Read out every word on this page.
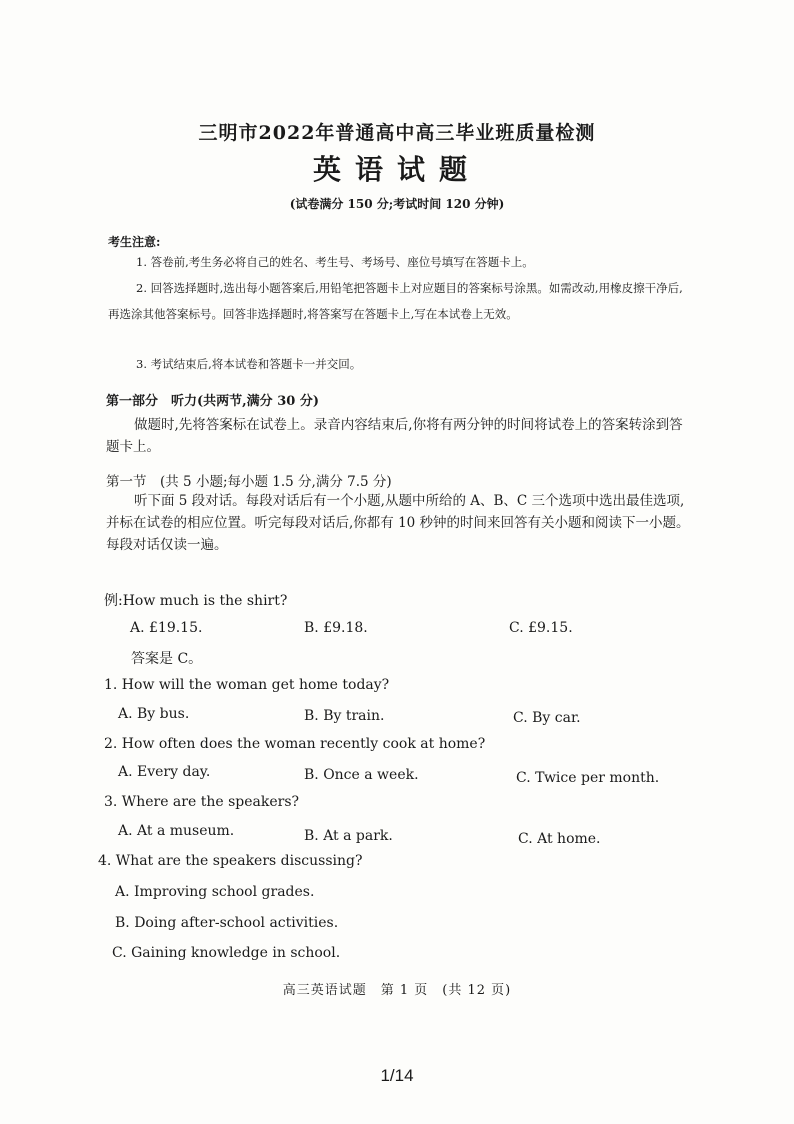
三明市2022年普通高中高三毕业班质量检测
英语试题
(试卷满分 150 分;考试时间 120 分钟)
考生注意:
1. 答卷前,考生务必将自己的姓名、考生号、考场号、座位号填写在答题卡上。
2. 回答选择题时,选出每小题答案后,用铅笔把答题卡上对应题目的答案标号涂黑。如需改动,用橡皮擦干净后,再选涂其他答案标号。回答非选择题时,将答案写在答题卡上,写在本试卷上无效。
3. 考试结束后,将本试卷和答题卡一并交回。
第一部分　听力(共两节,满分 30 分)
做题时,先将答案标在试卷上。录音内容结束后,你将有两分钟的时间将试卷上的答案转涂到答题卡上。
第一节　(共 5 小题;每小题 1.5 分,满分 7.5 分)
听下面 5 段对话。每段对话后有一个小题,从题中所给的 A、B、C 三个选项中选出最佳选项,并标在试卷的相应位置。听完每段对话后,你都有 10 秒钟的时间来回答有关小题和阅读下一小题。每段对话仅读一遍。
例:How much is the shirt?
A. £19.15.	B. £9.18.	C. £9.15.
答案是 C。
1. How will the woman get home today?
A. By bus.	B. By train.	C. By car.
2. How often does the woman recently cook at home?
A. Every day.	B. Once a week.	C. Twice per month.
3. Where are the speakers?
A. At a museum.	B. At a park.	C. At home.
4. What are the speakers discussing?
A. Improving school grades.
B. Doing after-school activities.
C. Gaining knowledge in school.
高三英语试题　第 1 页　(共 12 页)
1/14
